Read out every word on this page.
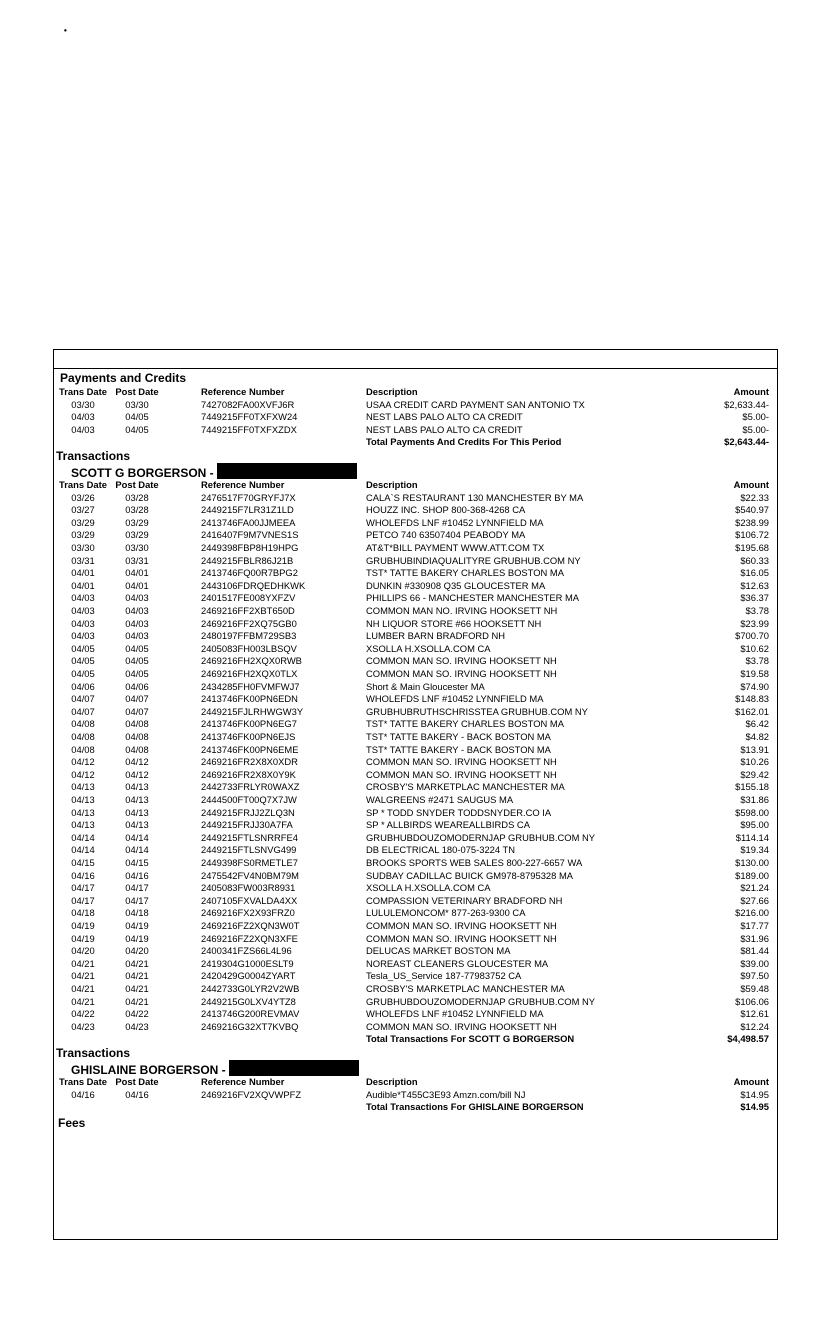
Payments and Credits
Trans Date Post Date	Reference Number	Description	Amount
03/30	03/30	7427082FA00XVFJ6R	USAA CREDIT CARD PAYMENT SAN ANTONIO TX	$2,633.44-
04/03	04/05	7449215FF0TXFXW24	NEST LABS PALO ALTO CA CREDIT	$5.00-
04/03	04/05	7449215FF0TXFXZDX	NEST LABS PALO ALTO CA CREDIT	$5.00-
Total Payments And Credits For This Period	$2,643.44-
Transactions
SCOTT G BORGERSON -
Trans Date Post Date	Reference Number	Description	Amount
03/26	03/28	2476517F70GRYFJ7X	CALA`S RESTAURANT 130 MANCHESTER BY MA	$22.33
03/27	03/28	2449215F7LR31Z1LD	HOUZZ INC. SHOP 800-368-4268 CA	$540.97
03/29	03/29	2413746FA00JJMEEA	WHOLEFDS LNF #10452 LYNNFIELD MA	$238.99
03/29	03/29	2416407F9M7VNES1S	PETCO 740 63507404 PEABODY MA	$106.72
03/30	03/30	2449398FBP8H19HPG	AT&T*BILL PAYMENT WWW.ATT.COM TX	$195.68
03/31	03/31	2449215FBLR86J21B	GRUBHUBINDIAQUALITYRE GRUBHUB.COM NY	$60.33
04/01	04/01	2413746FQ00R7BPG2	TST* TATTE BAKERY CHARLES BOSTON MA	$16.05
04/01	04/01	2443106FDRQEDHKWK	DUNKIN #330908 Q35 GLOUCESTER MA	$12.63
04/03	04/03	2401517FE008YXFZV	PHILLIPS 66 - MANCHESTER MANCHESTER MA	$36.37
04/03	04/03	2469216FF2XBT650D	COMMON MAN NO. IRVING HOOKSETT NH	$3.78
04/03	04/03	2469216FF2XQ75GB0	NH LIQUOR STORE #66 HOOKSETT NH	$23.99
04/03	04/03	2480197FFBM729SB3	LUMBER BARN BRADFORD NH	$700.70
04/05	04/05	2405083FH003LBSQV	XSOLLA H.XSOLLA.COM CA	$10.62
04/05	04/05	2469216FH2XQX0RWB	COMMON MAN SO. IRVING HOOKSETT NH	$3.78
04/05	04/05	2469216FH2XQX0TLX	COMMON MAN SO. IRVING HOOKSETT NH	$19.58
04/06	04/06	2434285FH0FVMFWJ7	Short & Main Gloucester MA	$74.90
04/07	04/07	2413746FK00PN6EDN	WHOLEFDS LNF #10452 LYNNFIELD MA	$148.83
04/07	04/07	2449215FJLRHWGW3Y	GRUBHUBRUTHSCHRISSTEA GRUBHUB.COM NY	$162.01
04/08	04/08	2413746FK00PN6EG7	TST* TATTE BAKERY CHARLES BOSTON MA	$6.42
04/08	04/08	2413746FK00PN6EJS	TST* TATTE BAKERY - BACK BOSTON MA	$4.82
04/08	04/08	2413746FK00PN6EME	TST* TATTE BAKERY - BACK BOSTON MA	$13.91
04/12	04/12	2469216FR2X8X0XDR	COMMON MAN SO. IRVING HOOKSETT NH	$10.26
04/12	04/12	2469216FR2X8X0Y9K	COMMON MAN SO. IRVING HOOKSETT NH	$29.42
04/13	04/13	2442733FRLYR0WAXZ	CROSBY'S MARKETPLAC MANCHESTER MA	$155.18
04/13	04/13	2444500FT00Q7X7JW	WALGREENS #2471 SAUGUS MA	$31.86
04/13	04/13	2449215FRJJ2ZLQ3N	SP * TODD SNYDER TODDSNYDER.CO IA	$598.00
04/13	04/13	2449215FRJJ30A7FA	SP * ALLBIRDS WEAREALLBIRDS CA	$95.00
04/14	04/14	2449215FTLSNRRFE4	GRUBHUBDOUZOMODERNJAP GRUBHUB.COM NY	$114.14
04/14	04/14	2449215FTLSNVG499	DB ELECTRICAL 180-075-3224 TN	$19.34
04/15	04/15	2449398FS0RMETLE7	BROOKS SPORTS WEB SALES 800-227-6657 WA	$130.00
04/16	04/16	2475542FV4N0BM79M	SUDBAY CADILLAC BUICK GM978-8795328 MA	$189.00
04/17	04/17	2405083FW003R8931	XSOLLA H.XSOLLA.COM CA	$21.24
04/17	04/17	2407105FXVALDA4XX	COMPASSION VETERINARY BRADFORD NH	$27.66
04/18	04/18	2469216FX2X93FRZ0	LULULEMONCOM* 877-263-9300 CA	$216.00
04/19	04/19	2469216FZ2XQN3W0T	COMMON MAN SO. IRVING HOOKSETT NH	$17.77
04/19	04/19	2469216FZ2XQN3XFE	COMMON MAN SO. IRVING HOOKSETT NH	$31.96
04/20	04/20	2400341FZS66L4L96	DELUCAS MARKET BOSTON MA	$81.44
04/21	04/21	2419304G1000ESLT9	NOREAST CLEANERS GLOUCESTER MA	$39.00
04/21	04/21	2420429G0004ZYART	Tesla_US_Service 187-77983752 CA	$97.50
04/21	04/21	2442733G0LYR2V2WB	CROSBY'S MARKETPLAC MANCHESTER MA	$59.48
04/21	04/21	2449215G0LXV4YTZ8	GRUBHUBDOUZOMODERNJAP GRUBHUB.COM NY	$106.06
04/22	04/22	2413746G200REVMAV	WHOLEFDS LNF #10452 LYNNFIELD MA	$12.61
04/23	04/23	2469216G32XT7KVBQ	COMMON MAN SO. IRVING HOOKSETT NH	$12.24
Total Transactions For SCOTT G BORGERSON	$4,498.57
Transactions
GHISLAINE BORGERSON -
Trans Date Post Date	Reference Number	Description	Amount
04/16	04/16	2469216FV2XQVWPFZ	Audible*T455C3E93 Amzn.com/bill NJ	$14.95
Total Transactions For GHISLAINE BORGERSON	$14.95
Fees
